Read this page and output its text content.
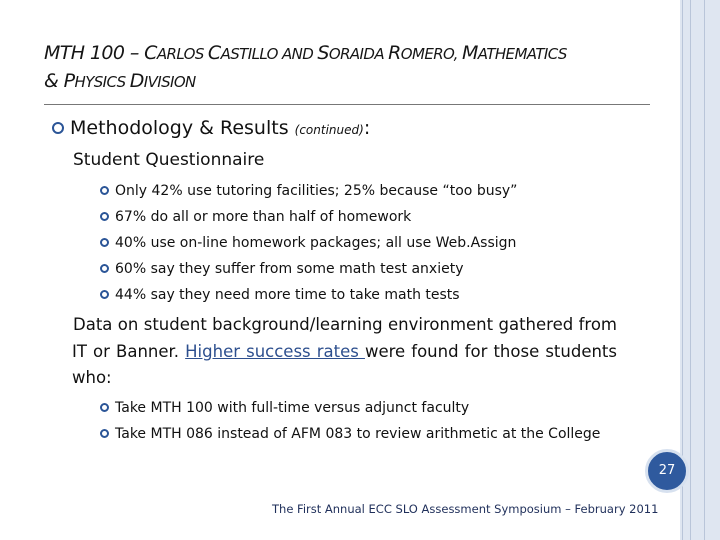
MTH 100 – CARLOS CASTILLO AND SORAIDA ROMERO, MATHEMATICS
& PHYSICS DIVISION
Methodology & Results (continued):
Student Questionnaire
Only 42% use tutoring facilities; 25% because “too busy”
67% do all or more than half of homework
40% use on-line homework packages; all use Web.Assign
60% say they suffer from some math test anxiety
44% say they need more time to take math tests
Data on student background/learning environment gathered from IT or Banner. Higher success rates were found for those students who:
Take MTH 100 with full-time versus adjunct faculty
Take MTH 086 instead of AFM 083 to review arithmetic at the College
27
The First Annual ECC SLO Assessment Symposium – February 2011
